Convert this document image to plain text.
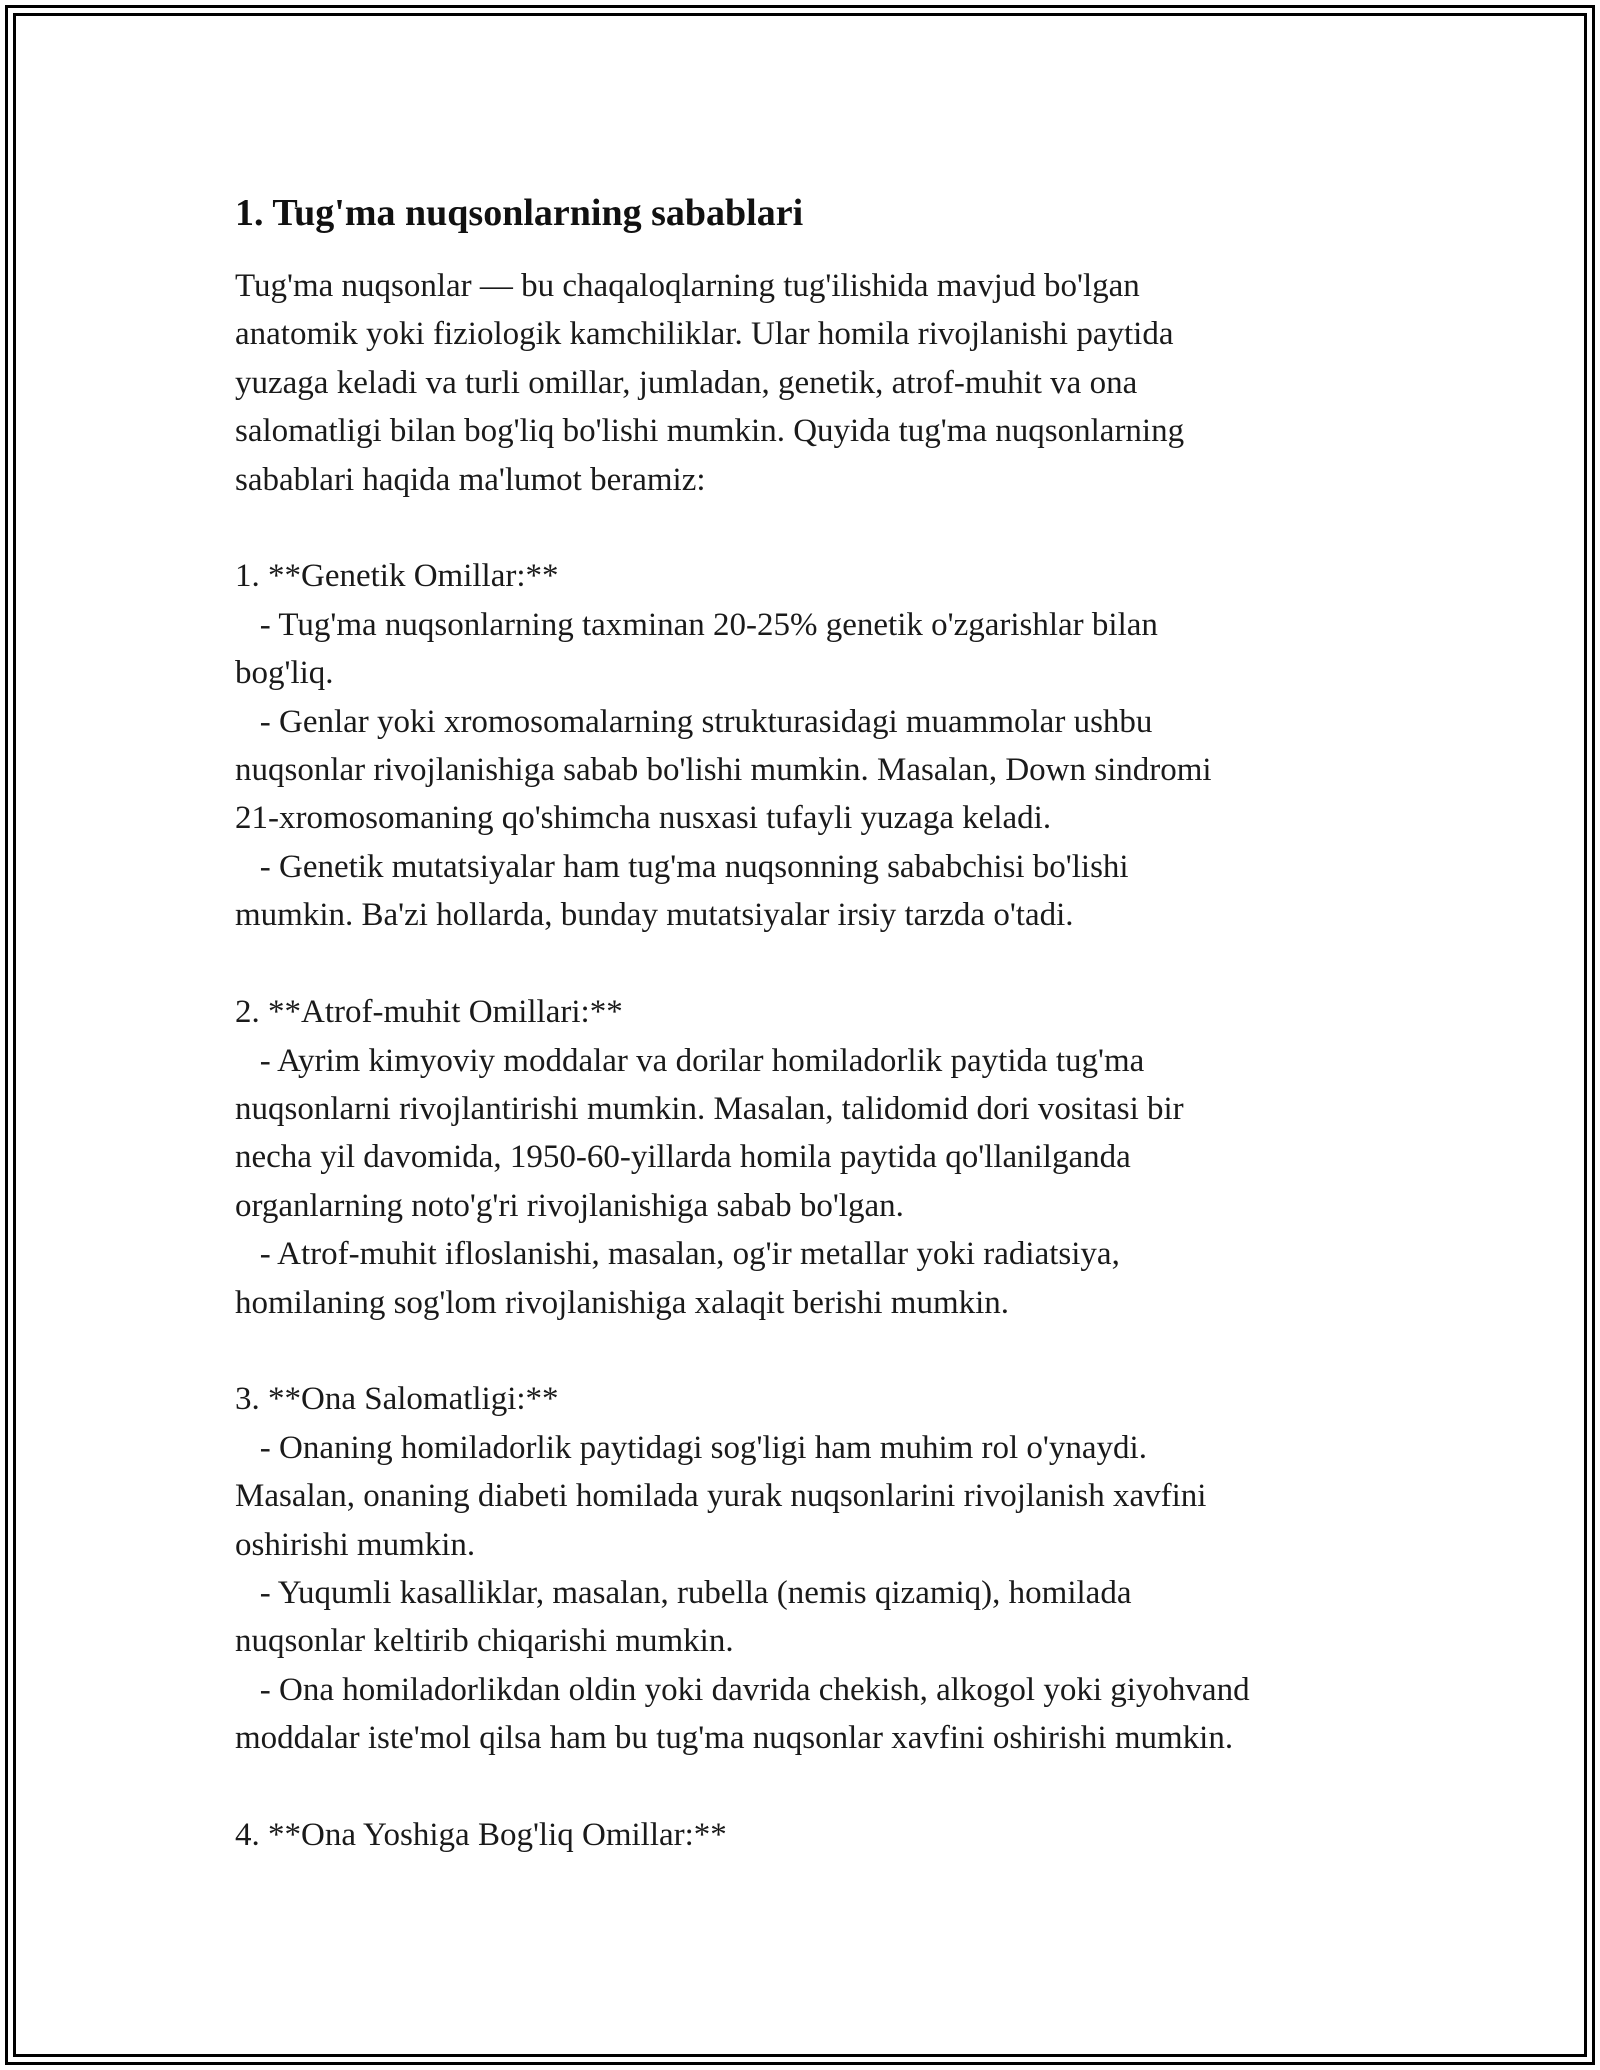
1. Tug'ma nuqsonlarning sabablari

Tug'ma nuqsonlar — bu chaqaloqlarning tug'ilishida mavjud bo'lgan
anatomik yoki fiziologik kamchiliklar. Ular homila rivojlanishi paytida
yuzaga keladi va turli omillar, jumladan, genetik, atrof-muhit va ona
salomatligi bilan bog'liq bo'lishi mumkin. Quyida tug'ma nuqsonlarning
sabablari haqida ma'lumot beramiz:

1. **Genetik Omillar:**
- Tug'ma nuqsonlarning taxminan 20-25% genetik o'zgarishlar bilan
bog'liq.
- Genlar yoki xromosomalarning strukturasidagi muammolar ushbu
nuqsonlar rivojlanishiga sabab bo'lishi mumkin. Masalan, Down sindromi
21-xromosomaning qo'shimcha nusxasi tufayli yuzaga keladi.
- Genetik mutatsiyalar ham tug'ma nuqsonning sababchisi bo'lishi
mumkin. Ba'zi hollarda, bunday mutatsiyalar irsiy tarzda o'tadi.

2. **Atrof-muhit Omillari:**
- Ayrim kimyoviy moddalar va dorilar homiladorlik paytida tug'ma
nuqsonlarni rivojlantirishi mumkin. Masalan, talidomid dori vositasi bir
necha yil davomida, 1950-60-yillarda homila paytida qo'llanilganda
organlarning noto'g'ri rivojlanishiga sabab bo'lgan.
- Atrof-muhit ifloslanishi, masalan, og'ir metallar yoki radiatsiya,
homilaning sog'lom rivojlanishiga xalaqit berishi mumkin.

3. **Ona Salomatligi:**
- Onaning homiladorlik paytidagi sog'ligi ham muhim rol o'ynaydi.
Masalan, onaning diabeti homilada yurak nuqsonlarini rivojlanish xavfini
oshirishi mumkin.
- Yuqumli kasalliklar, masalan, rubella (nemis qizamiq), homilada
nuqsonlar keltirib chiqarishi mumkin.
- Ona homiladorlikdan oldin yoki davrida chekish, alkogol yoki giyohvand
moddalar iste'mol qilsa ham bu tug'ma nuqsonlar xavfini oshirishi mumkin.

4. **Ona Yoshiga Bog'liq Omillar:**
